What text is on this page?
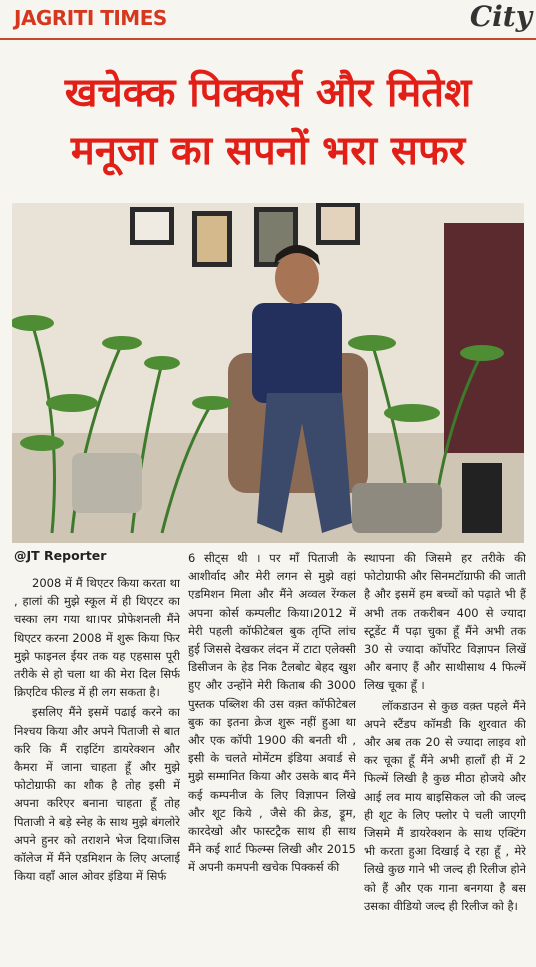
JAGRITI TIMES	City
खचेक्क पिक्कर्स और मितेश
मनूजा का सपनों भरा सफर
@JT Reporter

2008 में मैं थिएटर किया करता था , हालां की मुझे स्कूल में ही थिएटर का चस्का लग गया था।पर प्रोफेशनली मैंने थिएटर करना 2008 में शुरू किया फिर मुझे फाइनल ईयर तक यह एहसास पूरी तरीके से हो चला था की मेरा दिल सिर्फ क्रिएटिव फील्ड में ही लग सकता है।

इसलिए मैंने इसमें पढाई करने का निश्चय किया और अपने पिताजी से बात करि कि मैं राइटिंग डायरेक्शन और कैमरा में जाना चाहता हूँ और मुझे फोटोग्राफी का शौक है तोह इसी में अपना करिएर बनाना चाहता हूँ तोह पिताजी ने बड़े स्नेह के साथ मुझे बंगलोरे अपने हुनर को तराशने भेज दिया।जिस कॉलेज में मैंने एडमिशन के लिए अप्लाई किया वहाँ आल ओवर इंडिया में सिर्फ

6 सीट्स थी । पर माँ पिताजी के आशीर्वाद और मेरी लगन से मुझे वहां एडमिशन मिला और मैंने अव्वल रेंग्कल अपना कोर्स कम्पलीट किया।2012 में मेरी पहली कॉफीटेबल बुक तृप्ति लांच हुई जिससे देखकर लंदन में टाटा एलेक्सी डिसीजन के हेड निक टैलबोट बेहद खुश हुए और उन्होंने मेरी किताब की 3000 पुस्तक पब्लिश की उस वक़्त कॉफीटेबल बुक का इतना क्रेज शुरू नहीं हुआ था और एक कॉपी 1900 की बनती थी , इसी के चलते मोमेंटम इंडिया अवार्ड से मुझे सम्मानित किया और उसके बाद मैंने कई कम्पनीज के लिए विज्ञापन लिखे और शूट किये , जैसे की क्रेड, ड्रूम, कारदेखो और फास्टट्रैक साथ ही साथ मैंने कई शार्ट फिल्म्स लिखी और 2015 में अपनी कमपनी खचेक पिक्कर्स की

स्थापना की जिसमे हर तरीके की फोटोग्राफी और सिनमटॉग्राफी की जाती है और इसमें हम बच्चों को पढ़ाते भी हैं अभी तक तकरीबन 400 से ज्यादा स्टूडेंट मैं पढ़ा चुका हूँ मैंने अभी तक 30 से ज्यादा कॉर्पोरेट विज्ञापन लिखें और बनाए हैं और साथीसाथ 4 फिल्में लिख चूका हूँ ।

लॉकडाउन से कुछ वक़्त पहले मैंने अपने स्टैंडप कॉमडी कि शुरवात की और अब तक 20 से ज्यादा लाइव शो कर चूका हूँ मैंने अभी हालाँ ही में 2 फिल्में लिखी है कुछ मीठा होजये और आई लव माय बाइसिकल जो की जल्द ही शूट के लिए फ्लोर पे चली जाएगी जिसमे मैं डायरेक्शन के साथ एक्टिंग भी करता हुआ दिखाई दे रहा हूँ , मेरे लिखे कुछ गाने भी जल्द ही रिलीज होने को हैं और एक गाना बनगया है बस उसका वीडियो जल्द ही रिलीज को है।
